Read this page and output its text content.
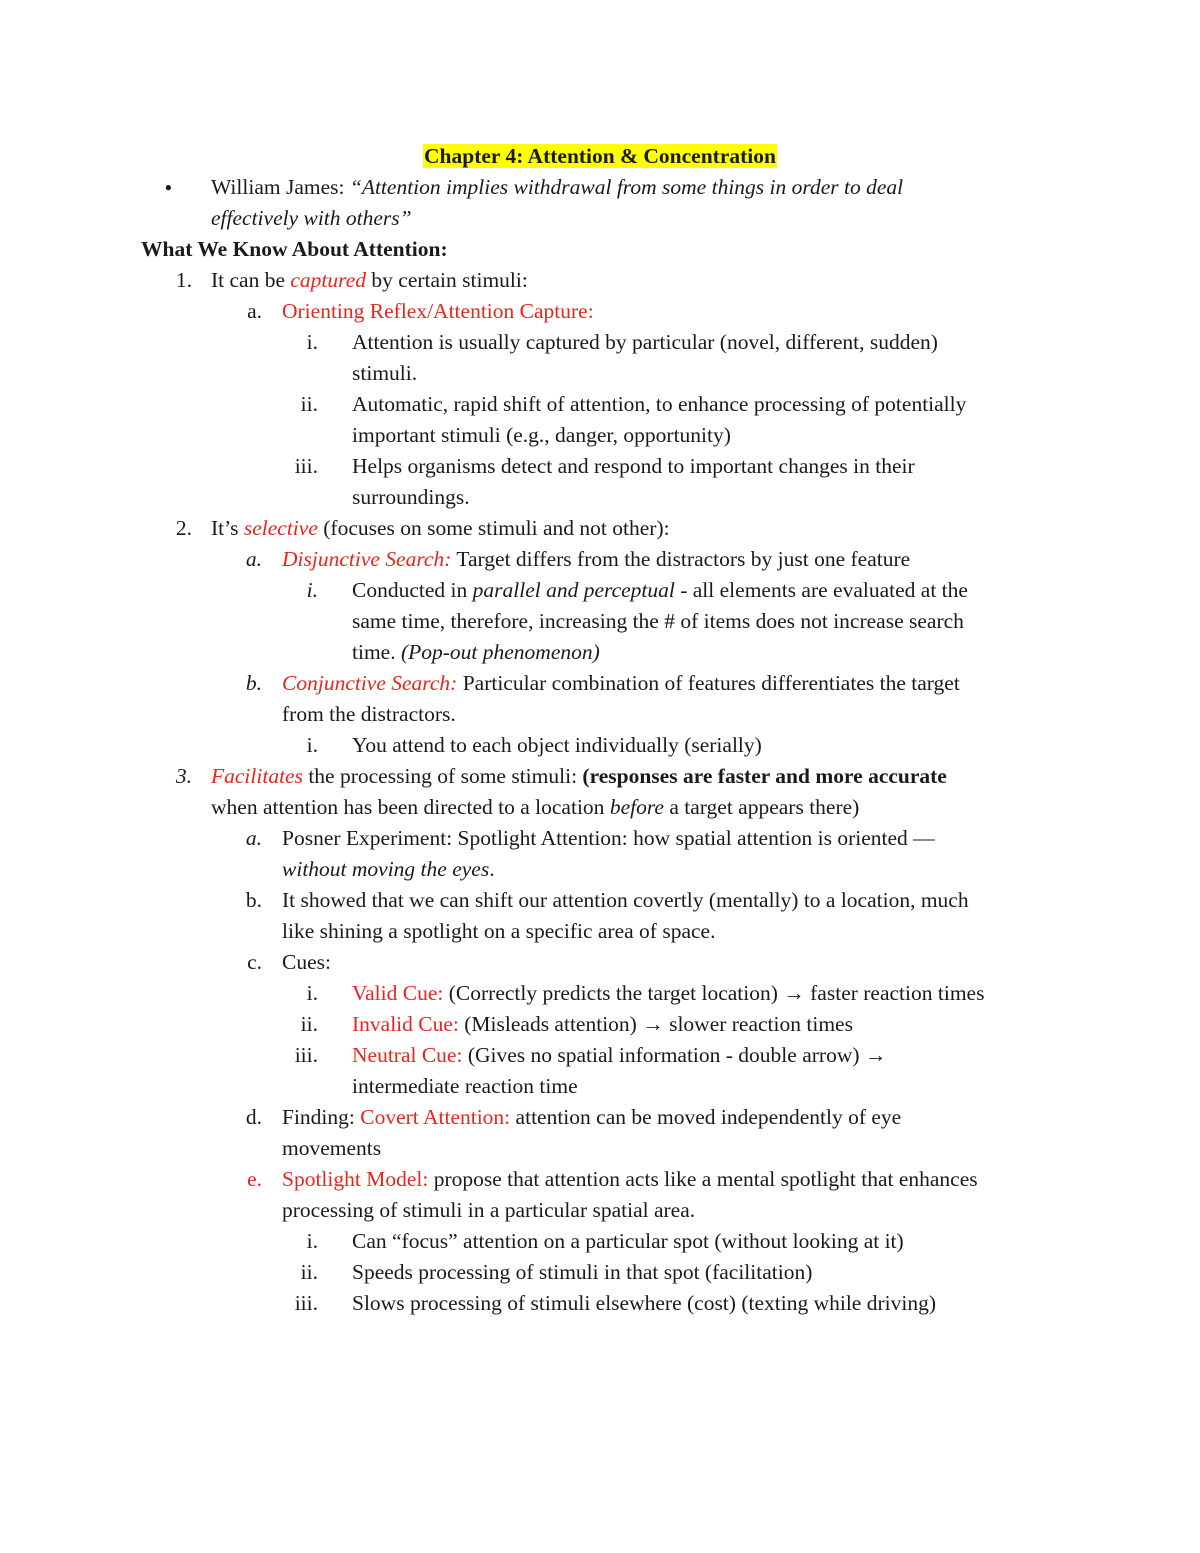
Chapter 4: Attention & Concentration
● William James: “Attention implies withdrawal from some things in order to deal
effectively with others”
What We Know About Attention:
1. It can be captured by certain stimuli:
a. Orienting Reflex/Attention Capture:
i. Attention is usually captured by particular (novel, different, sudden)
stimuli.
ii. Automatic, rapid shift of attention, to enhance processing of potentially
important stimuli (e.g., danger, opportunity)
iii. Helps organisms detect and respond to important changes in their
surroundings.
2. It’s selective (focuses on some stimuli and not other):
a. Disjunctive Search: Target differs from the distractors by just one feature
i. Conducted in parallel and perceptual - all elements are evaluated at the
same time, therefore, increasing the # of items does not increase search
time. (Pop-out phenomenon)
b. Conjunctive Search: Particular combination of features differentiates the target
from the distractors.
i. You attend to each object individually (serially)
3. Facilitates the processing of some stimuli: (responses are faster and more accurate
when attention has been directed to a location before a target appears there)
a. Posner Experiment: Spotlight Attention: how spatial attention is oriented —
without moving the eyes.
b. It showed that we can shift our attention covertly (mentally) to a location, much
like shining a spotlight on a specific area of space.
c. Cues:
i. Valid Cue: (Correctly predicts the target location) → faster reaction times
ii. Invalid Cue: (Misleads attention) → slower reaction times
iii. Neutral Cue: (Gives no spatial information - double arrow) →
intermediate reaction time
d. Finding: Covert Attention: attention can be moved independently of eye
movements
e. Spotlight Model: propose that attention acts like a mental spotlight that enhances
processing of stimuli in a particular spatial area.
i. Can “focus” attention on a particular spot (without looking at it)
ii. Speeds processing of stimuli in that spot (facilitation)
iii. Slows processing of stimuli elsewhere (cost) (texting while driving)
